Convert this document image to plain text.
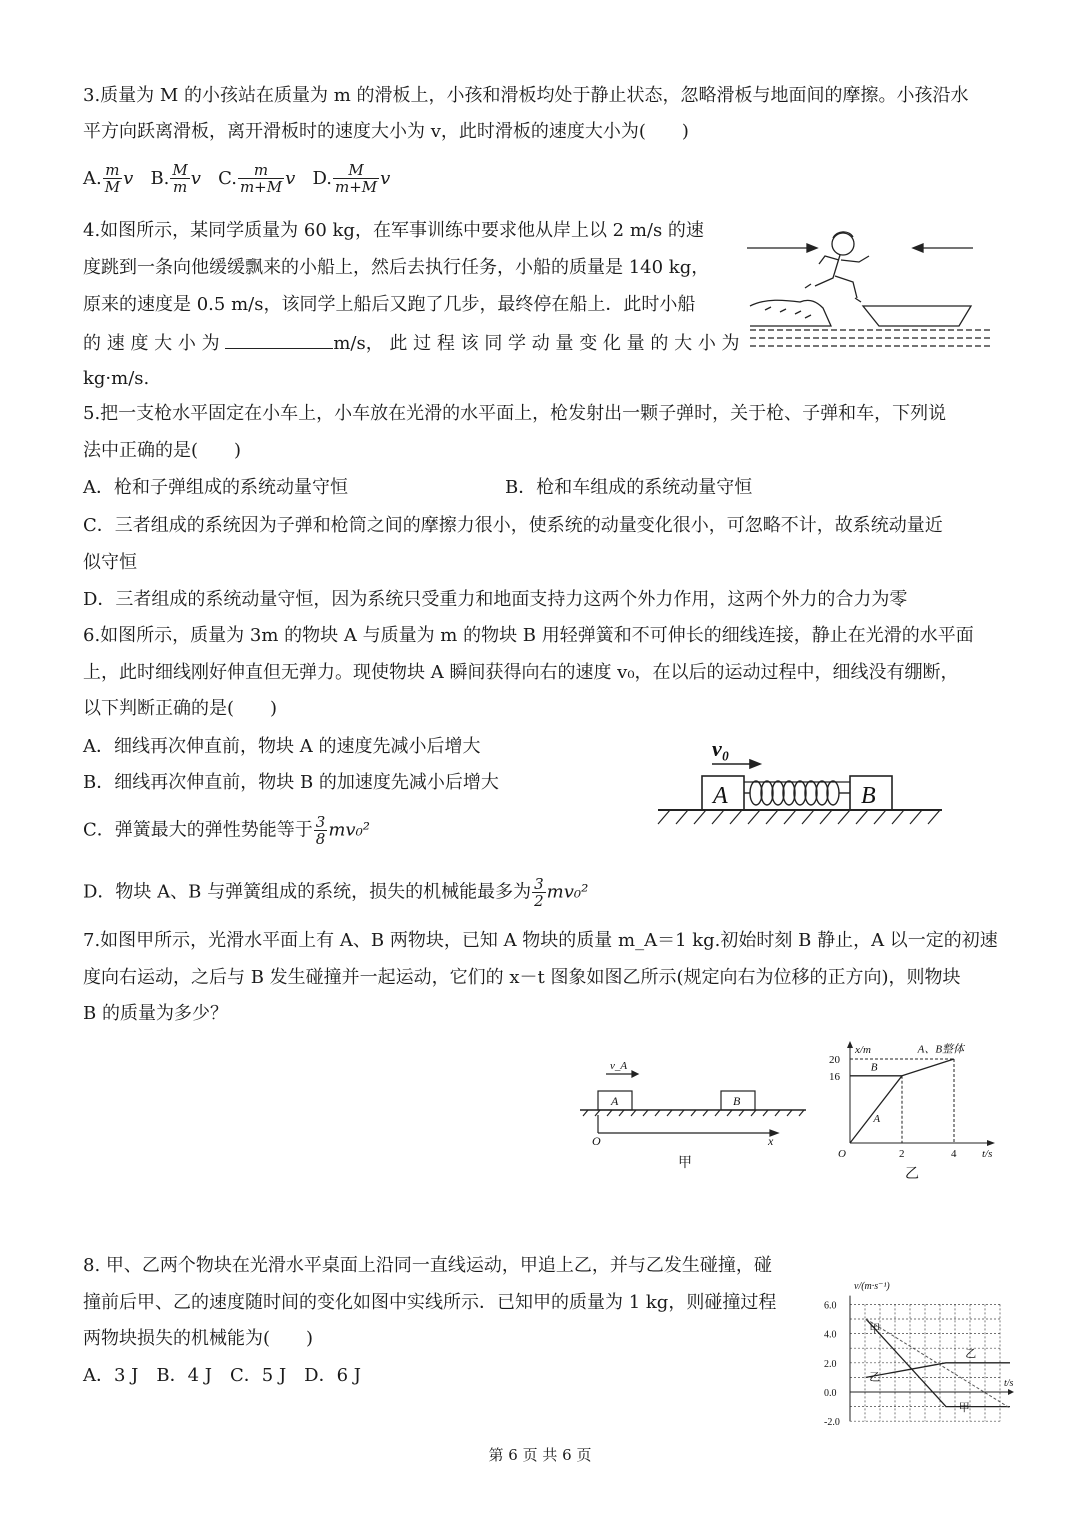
3.质量为 M 的小孩站在质量为 m 的滑板上，小孩和滑板均处于静止状态，忽略滑板与地面间的摩擦。小孩沿水
平方向跃离滑板，离开滑板时的速度大小为 v，此时滑板的速度大小为(　　)
A. $\frac{m}{M}$ v B. $\frac{M}{m}$ v C. $\frac{m}{m+M}$ v D. $\frac{M}{m+M}$ v
4.如图所示，某同学质量为 60 kg，在军事训练中要求他从岸上以 2 m/s 的速
度跳到一条向他缓缓飘来的小船上，然后去执行任务，小船的质量是 140 kg，
原来的速度是 0.5 m/s，该同学上船后又跑了几步，最终停在船上．此时小船
的 速 度 大 小 为	m/s， 此 过 程 该 同 学 动 量 变 化 量 的 大 小 为
kg·m/s.
5.把一支枪水平固定在小车上，小车放在光滑的水平面上，枪发射出一颗子弹时，关于枪、子弹和车，下列说
法中正确的是(　　)
A．枪和子弹组成的系统动量守恒	B．枪和车组成的系统动量守恒
C．三者组成的系统因为子弹和枪筒之间的摩擦力很小，使系统的动量变化很小，可忽略不计，故系统动量近
似守恒
D．三者组成的系统动量守恒，因为系统只受重力和地面支持力这两个外力作用，这两个外力的合力为零
6.如图所示，质量为 3m 的物块 A 与质量为 m 的物块 B 用轻弹簧和不可伸长的细线连接，静止在光滑的水平面
上，此时细线刚好伸直但无弹力。现使物块 A 瞬间获得向右的速度 v₀，在以后的运动过程中，细线没有绷断，
以下判断正确的是(　　)
A．细线再次伸直前，物块 A 的速度先减小后增大
B．细线再次伸直前，物块 B 的加速度先减小后增大
C．弹簧最大的弹性势能等于 $\frac{3}{8} mv_0^2$
D．物块 A、B 与弹簧组成的系统，损失的机械能最多为 $\frac{3}{2} mv_0^2$
v₀
A	B
7.如图甲所示，光滑水平面上有 A、B 两物块，已知 A 物块的质量 m_A＝1 kg.初始时刻 B 静止，A 以一定的初速
度向右运动，之后与 B 发生碰撞并一起运动，它们的 x－t 图象如图乙所示(规定向右为位移的正方向)，则物块
B 的质量为多少？
v_A
A	B
O	x
甲
x/m
t/s
O	2	4
16
20
A
B
A、B整体
乙
8. 甲、乙两个物块在光滑水平桌面上沿同一直线运动，甲追上乙，并与乙发生碰撞，碰
撞前后甲、乙的速度随时间的变化如图中实线所示．已知甲的质量为 1 kg，则碰撞过程
两物块损失的机械能为(　　)
A．3 J　B．4 J　C．5 J　D．6 J
v/(m·s⁻¹)
t/s
6.0
4.0
2.0
0.0
-2.0
甲
乙
乙
甲
第 6 页 共 6 页
